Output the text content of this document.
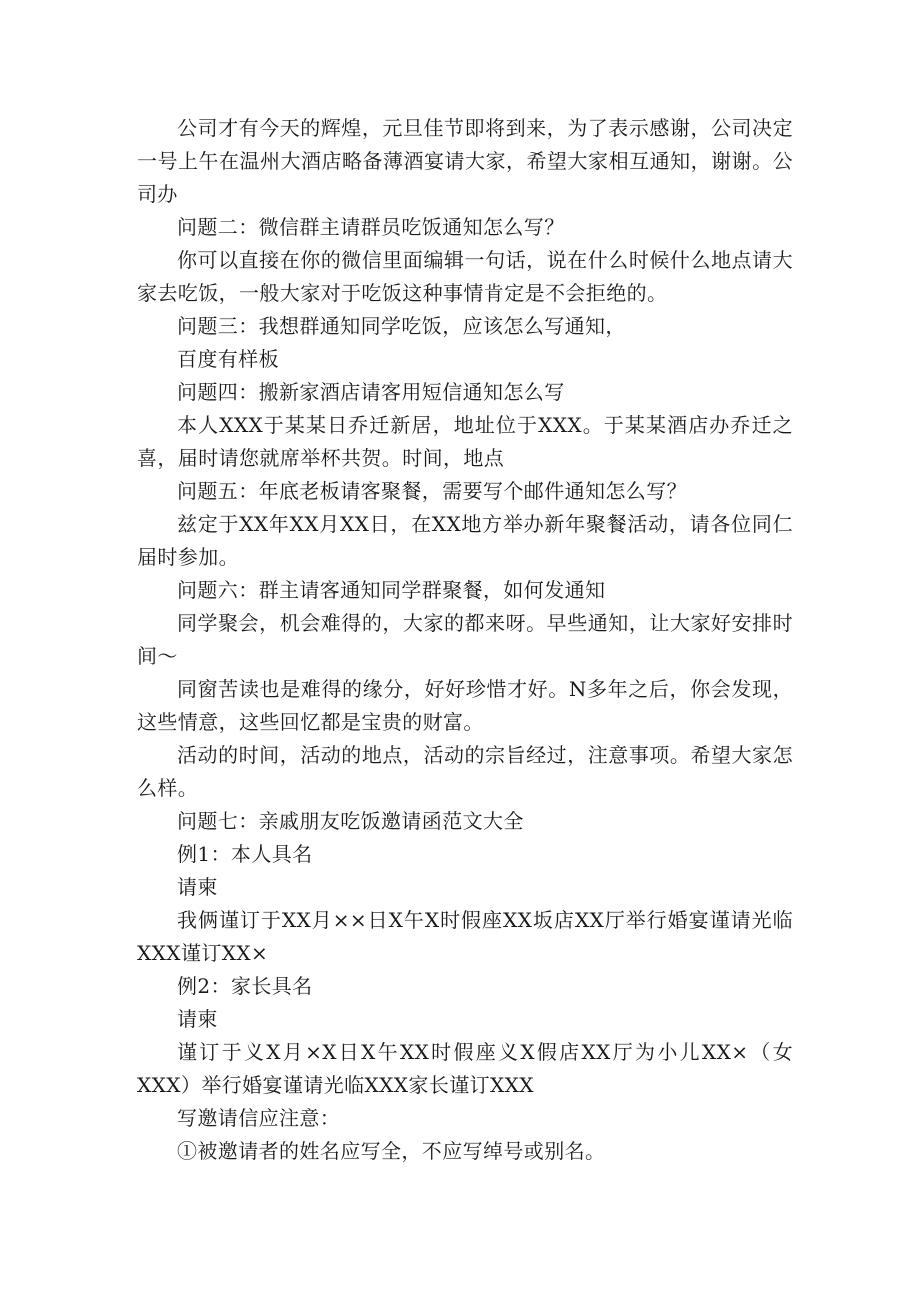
公司才有今天的辉煌，元旦佳节即将到来，为了表示感谢，公司决定一号上午在温州大酒店略备薄酒宴请大家，希望大家相互通知，谢谢。公司办

问题二：微信群主请群员吃饭通知怎么写？

你可以直接在你的微信里面编辑一句话，说在什么时候什么地点请大家去吃饭，一般大家对于吃饭这种事情肯定是不会拒绝的。

问题三：我想群通知同学吃饭，应该怎么写通知，

百度有样板

问题四：搬新家酒店请客用短信通知怎么写

本人XXX于某某日乔迁新居，地址位于XXX。于某某酒店办乔迁之喜，届时请您就席举杯共贺。时间，地点

问题五：年底老板请客聚餐，需要写个邮件通知怎么写？

兹定于XX年XX月XX日，在XX地方举办新年聚餐活动，请各位同仁届时参加。

问题六：群主请客通知同学群聚餐，如何发通知

同学聚会，机会难得的，大家的都来呀。早些通知，让大家好安排时间～

同窗苦读也是难得的缘分，好好珍惜才好。N多年之后，你会发现，这些情意，这些回忆都是宝贵的财富。

活动的时间，活动的地点，活动的宗旨经过，注意事项。希望大家怎么样。

问题七：亲戚朋友吃饭邀请函范文大全

例1：本人具名

请柬

我俩谨订于XX月××日X午X时假座XX坂店XX厅举行婚宴谨请光临XXX谨订XX×

例2：家长具名

请柬

谨订于义X月×X日X午XX时假座义X假店XX厅为小儿XX×（女XXX）举行婚宴谨请光临XXX家长谨订XXX

写邀请信应注意：

①被邀请者的姓名应写全，不应写绰号或别名。
